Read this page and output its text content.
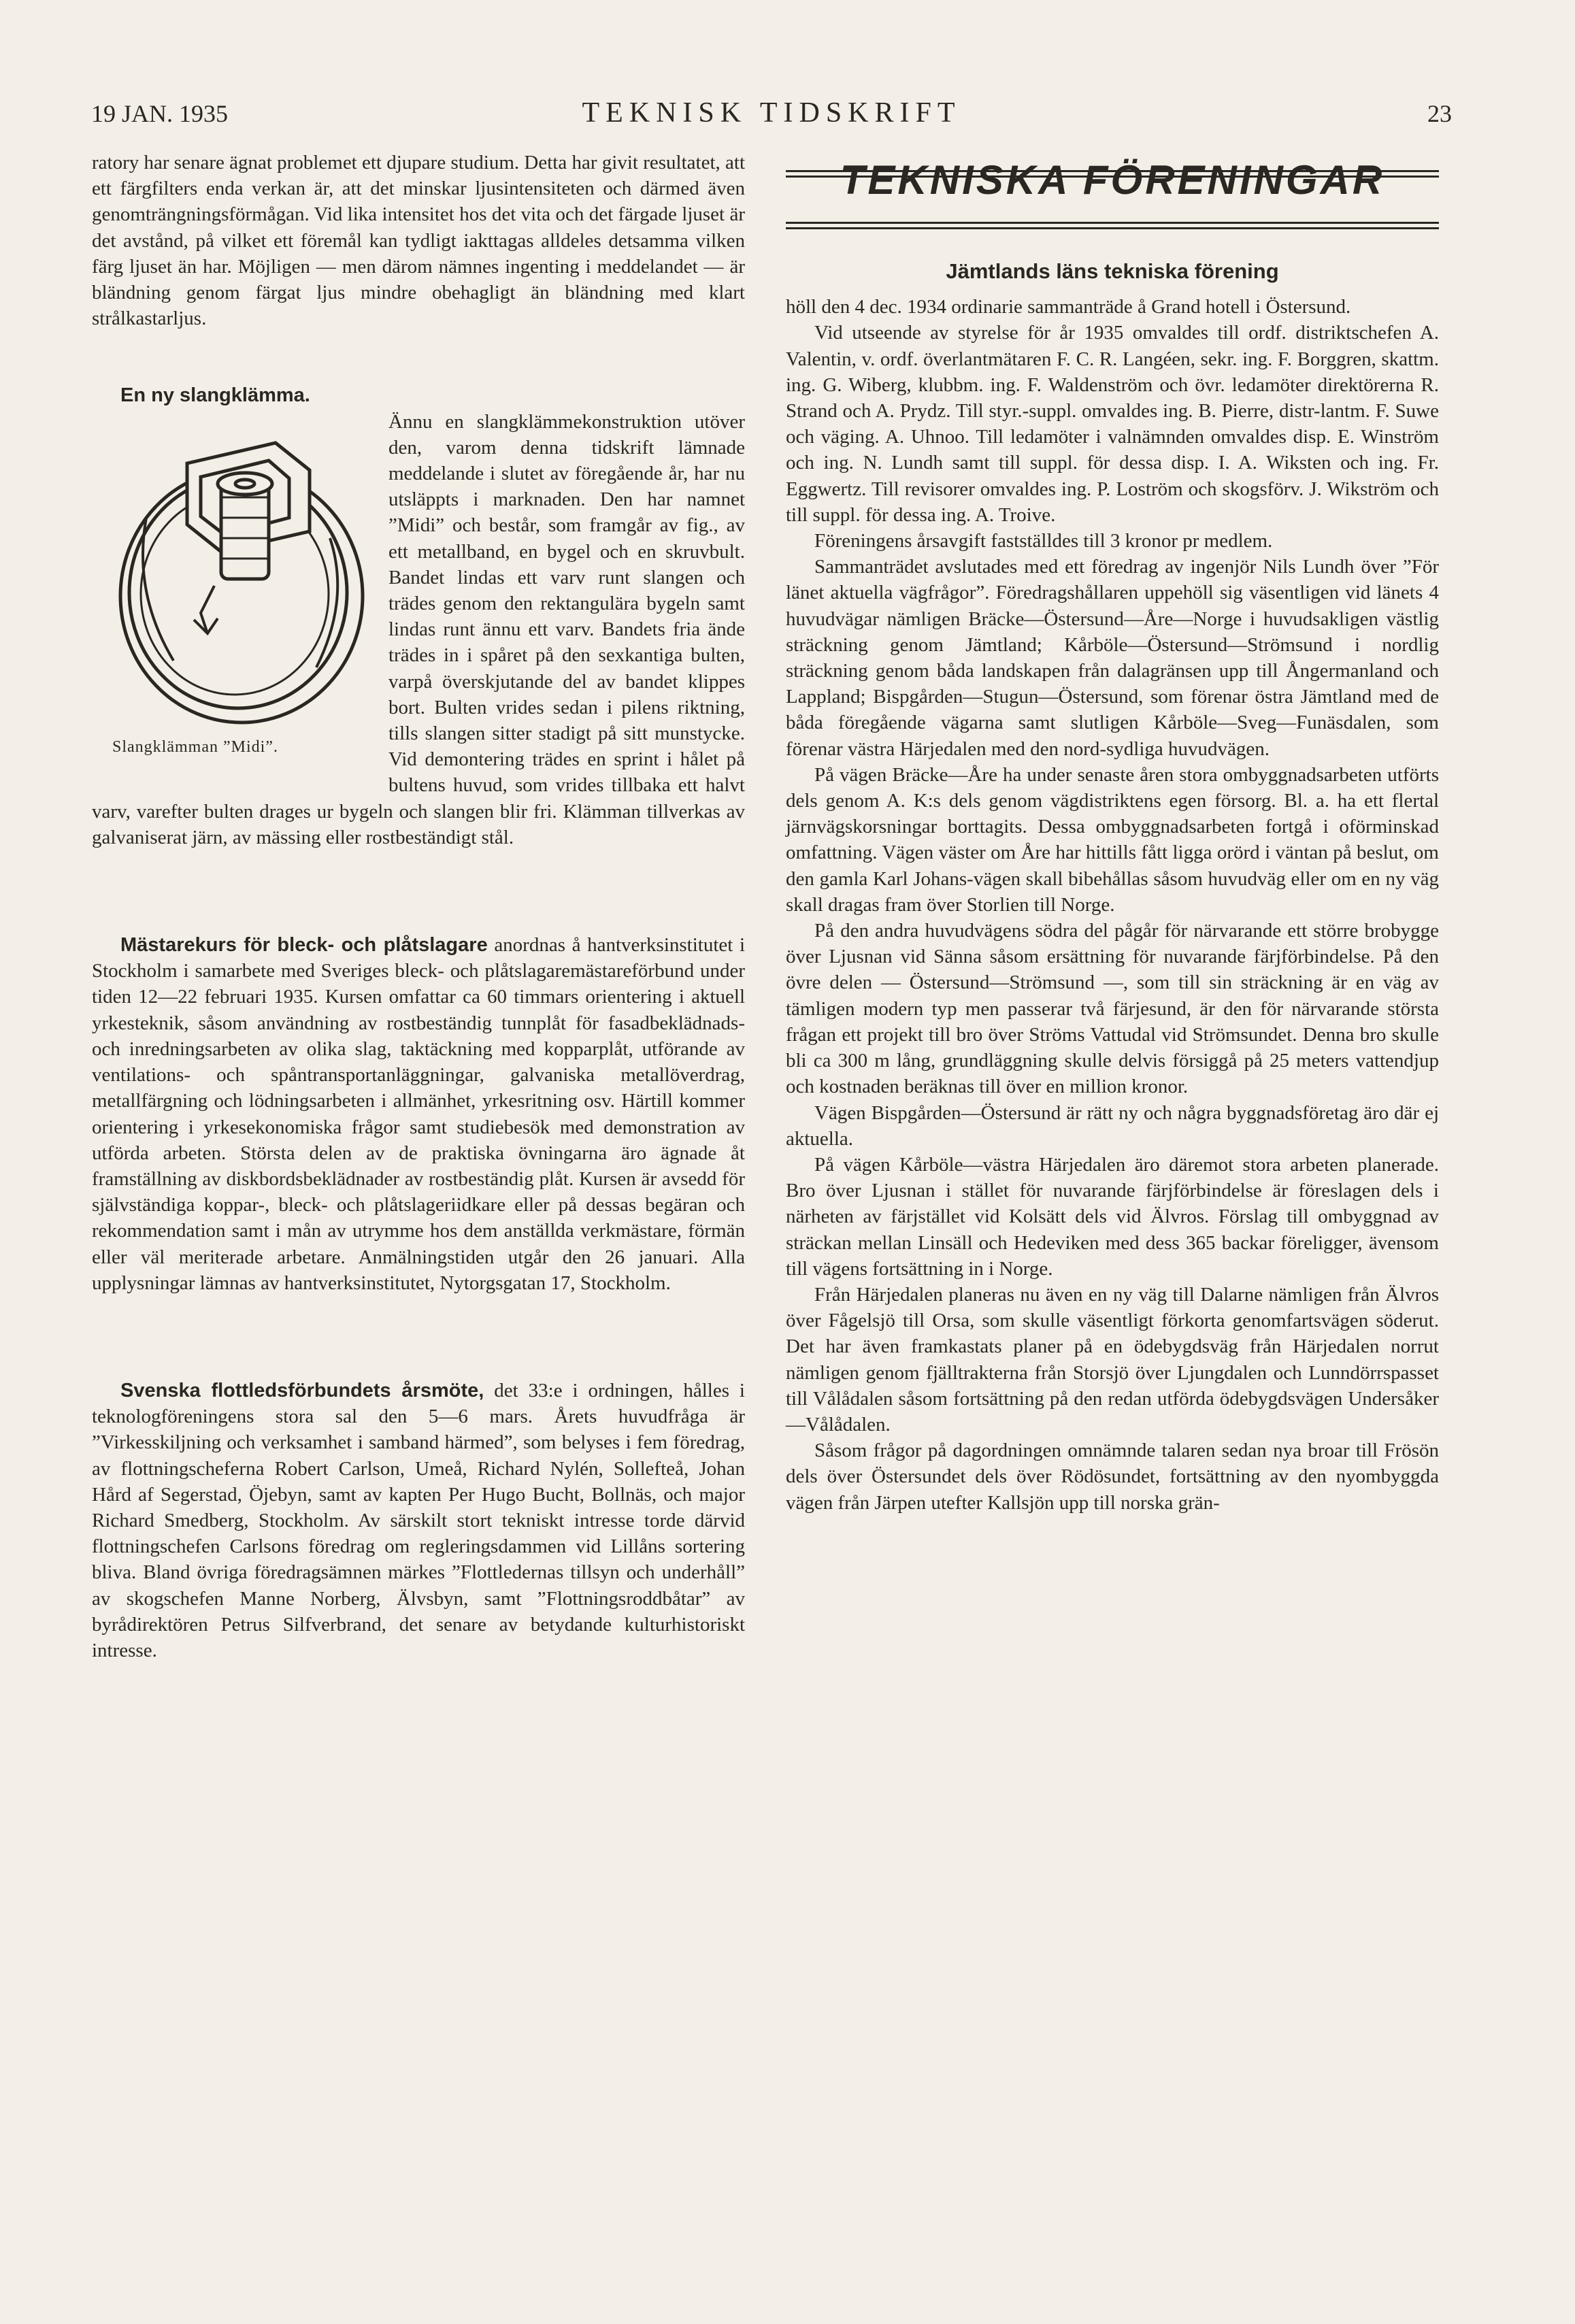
19 JAN. 1935	TEKNISK TIDSKRIFT	23

ratory har senare ägnat problemet ett djupare studium. Detta har givit resultatet, att ett färgfilters enda verkan är, att det minskar ljusintensiteten och därmed även genomträngningsförmågan. Vid lika intensitet hos det vita och det färgade ljuset är det avstånd, på vilket ett föremål kan tydligt iakttagas alldeles detsamma vilken färg ljuset än har. Möjligen — men därom nämnes ingenting i meddelandet — är bländning genom färgat ljus mindre obehagligt än bländning med klart strålkastarljus.

En ny slangklämma.

Slangklämman ”Midi”.

Ännu en slangklämmekonstruktion utöver den, varom denna tidskrift lämnade meddelande i slutet av föregående år, har nu utsläppts i marknaden. Den har namnet ”Midi” och består, som framgår av fig., av ett metallband, en bygel och en skruvbult. Bandet lindas ett varv runt slangen och trädes genom den rektangulära bygeln samt lindas runt ännu ett varv. Bandets fria ände trädes in i spåret på den sexkantiga bulten, varpå överskjutande del av bandet klippes bort. Bulten vrides sedan i pilens riktning, tills slangen sitter stadigt på sitt munstycke. Vid demontering trädes en sprint i hålet på bultens huvud, som vrides tillbaka ett halvt varv, varefter bulten drages ur bygeln och slangen blir fri. Klämman tillverkas av galvaniserat järn, av mässing eller rostbeständigt stål.

Mästarekurs för bleck- och plåtslagare anordnas å hantverksinstitutet i Stockholm i samarbete med Sveriges bleck- och plåtslagaremästareförbund under tiden 12—22 februari 1935. Kursen omfattar ca 60 timmars orientering i aktuell yrkesteknik, såsom användning av rostbeständig tunnplåt för fasadbeklädnads- och inredningsarbeten av olika slag, taktäckning med kopparplåt, utförande av ventilations- och spåntransportanläggningar, galvaniska metallöverdrag, metallfärgning och lödningsarbeten i allmänhet, yrkesritning osv. Härtill kommer orientering i yrkesekonomiska frågor samt studiebesök med demonstration av utförda arbeten. Största delen av de praktiska övningarna äro ägnade åt framställning av diskbordsbeklädnader av rostbeständig plåt. Kursen är avsedd för självständiga koppar-, bleck- och plåtslageriidkare eller på dessas begäran och rekommendation samt i mån av utrymme hos dem anställda verkmästare, förmän eller väl meriterade arbetare. Anmälningstiden utgår den 26 januari. Alla upplysningar lämnas av hantverksinstitutet, Nytorgsgatan 17, Stockholm.

Svenska flottledsförbundets årsmöte, det 33:e i ordningen, hålles i teknologföreningens stora sal den 5—6 mars. Årets huvudfråga är ”Virkesskiljning och verksamhet i samband härmed”, som belyses i fem föredrag, av flottningscheferna Robert Carlson, Umeå, Richard Nylén, Sollefteå, Johan Hård af Segerstad, Öjebyn, samt av kapten Per Hugo Bucht, Bollnäs, och major Richard Smedberg, Stockholm. Av särskilt stort tekniskt intresse torde därvid flottningschefen Carlsons föredrag om regleringsdammen vid Lillåns sortering bliva. Bland övriga föredragsämnen märkes ”Flottledernas tillsyn och underhåll” av skogschefen Manne Norberg, Älvsbyn, samt ”Flottningsroddbåtar” av byrådirektören Petrus Silfverbrand, det senare av betydande kulturhistoriskt intresse.

TEKNISKA FÖRENINGAR
Jämtlands läns tekniska förening

höll den 4 dec. 1934 ordinarie sammanträde å Grand hotell i Östersund.

Vid utseende av styrelse för år 1935 omvaldes till ordf. distriktschefen A. Valentin, v. ordf. överlantmätaren F. C. R. Langéen, sekr. ing. F. Borggren, skattm. ing. G. Wiberg, klubbm. ing. F. Waldenström och övr. ledamöter direktörerna R. Strand och A. Prydz. Till styr.-suppl. omvaldes ing. B. Pierre, distr-lantm. F. Suwe och väging. A. Uhnoo. Till ledamöter i valnämnden omvaldes disp. E. Winström och ing. N. Lundh samt till suppl. för dessa disp. I. A. Wiksten och ing. Fr. Eggwertz. Till revisorer omvaldes ing. P. Loström och skogsförv. J. Wikström och till suppl. för dessa ing. A. Troive.

Föreningens årsavgift fastställdes till 3 kronor pr medlem.

Sammanträdet avslutades med ett föredrag av ingenjör Nils Lundh över ”För länet aktuella vägfrågor”. Föredragshållaren uppehöll sig väsentligen vid länets 4 huvudvägar nämligen Bräcke—Östersund—Åre—Norge i huvudsakligen västlig sträckning genom Jämtland; Kårböle—Östersund—Strömsund i nordlig sträckning genom båda landskapen från dalagränsen upp till Ångermanland och Lappland; Bispgården—Stugun—Östersund, som förenar östra Jämtland med de båda föregående vägarna samt slutligen Kårböle—Sveg—Funäsdalen, som förenar västra Härjedalen med den nord-sydliga huvudvägen.

På vägen Bräcke—Åre ha under senaste åren stora ombyggnadsarbeten utförts dels genom A. K:s dels genom vägdistriktens egen försorg. Bl. a. ha ett flertal järnvägskorsningar borttagits. Dessa ombyggnadsarbeten fortgå i oförminskad omfattning. Vägen väster om Åre har hittills fått ligga orörd i väntan på beslut, om den gamla Karl Johans-vägen skall bibehållas såsom huvudväg eller om en ny väg skall dragas fram över Storlien till Norge.

På den andra huvudvägens södra del pågår för närvarande ett större brobygge över Ljusnan vid Sänna såsom ersättning för nuvarande färjförbindelse. På den övre delen — Östersund—Strömsund —, som till sin sträckning är en väg av tämligen modern typ men passerar två färjesund, är den för närvarande största frågan ett projekt till bro över Ströms Vattudal vid Strömsundet. Denna bro skulle bli ca 300 m lång, grundläggning skulle delvis försiggå på 25 meters vattendjup och kostnaden beräknas till över en million kronor.

Vägen Bispgården—Östersund är rätt ny och några byggnadsföretag äro där ej aktuella.

På vägen Kårböle—västra Härjedalen äro däremot stora arbeten planerade. Bro över Ljusnan i stället för nuvarande färjförbindelse är föreslagen dels i närheten av färjstället vid Kolsätt dels vid Älvros. Förslag till ombyggnad av sträckan mellan Linsäll och Hedeviken med dess 365 backar föreligger, ävensom till vägens fortsättning in i Norge.

Från Härjedalen planeras nu även en ny väg till Dalarne nämligen från Älvros över Fågelsjö till Orsa, som skulle väsentligt förkorta genomfartsvägen söderut. Det har även framkastats planer på en ödebygdsväg från Härjedalen norrut nämligen genom fjälltrakterna från Storsjö över Ljungdalen och Lunndörrspasset till Vålådalen såsom fortsättning på den redan utförda ödebygdsvägen Undersåker—Vålådalen.

Såsom frågor på dagordningen omnämnde talaren sedan nya broar till Frösön dels över Östersundet dels över Rödösundet, fortsättning av den nyombyggda vägen från Järpen utefter Kallsjön upp till norska grän-
